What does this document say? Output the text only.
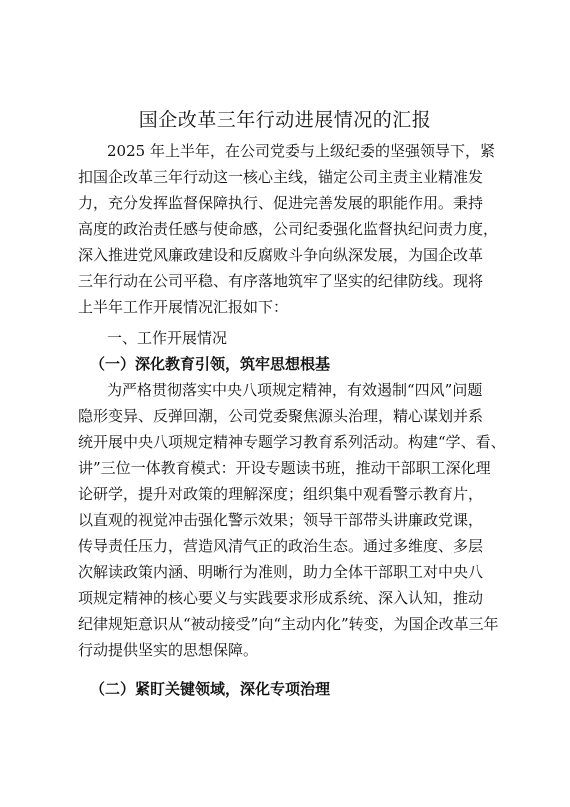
国企改革三年行动进展情况的汇报
2025 年上半年，在公司党委与上级纪委的坚强领导下，紧
扣国企改革三年行动这一核心主线，锚定公司主责主业精准发
力，充分发挥监督保障执行、促进完善发展的职能作用。秉持
高度的政治责任感与使命感，公司纪委强化监督执纪问责力度，
深入推进党风廉政建设和反腐败斗争向纵深发展，为国企改革
三年行动在公司平稳、有序落地筑牢了坚实的纪律防线。现将
上半年工作开展情况汇报如下：
一、工作开展情况
（一）深化教育引领，筑牢思想根基
为严格贯彻落实中央八项规定精神，有效遏制“四风”问题
隐形变异、反弹回潮，公司党委聚焦源头治理，精心谋划并系
统开展中央八项规定精神专题学习教育系列活动。构建“学、看、
讲”三位一体教育模式：开设专题读书班，推动干部职工深化理
论研学，提升对政策的理解深度；组织集中观看警示教育片，
以直观的视觉冲击强化警示效果；领导干部带头讲廉政党课，
传导责任压力，营造风清气正的政治生态。通过多维度、多层
次解读政策内涵、明晰行为准则，助力全体干部职工对中央八
项规定精神的核心要义与实践要求形成系统、深入认知，推动
纪律规矩意识从“被动接受”向“主动内化”转变，为国企改革三年
行动提供坚实的思想保障。
（二）紧盯关键领域，深化专项治理
